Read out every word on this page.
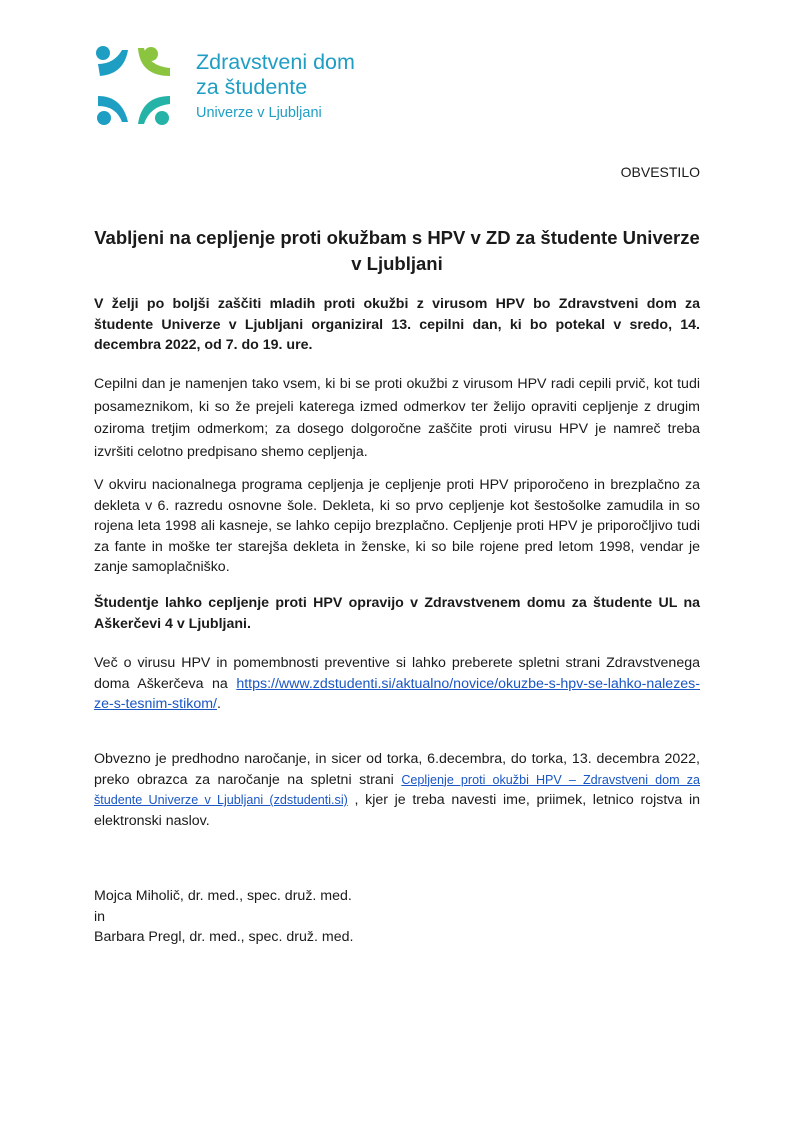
Zdravstveni dom
za študente
Univerze v Ljubljani
OBVESTILO
Vabljeni na cepljenje proti okužbam s HPV v ZD za študente Univerze v Ljubljani

V želji po boljši zaščiti mladih proti okužbi z virusom HPV bo Zdravstveni dom za študente Univerze v Ljubljani organiziral 13. cepilni dan, ki bo potekal v sredo, 14. decembra 2022, od 7. do 19. ure.

Cepilni dan je namenjen tako vsem, ki bi se proti okužbi z virusom HPV radi cepili prvič, kot tudi posameznikom, ki so že prejeli katerega izmed odmerkov ter želijo opraviti cepljenje z drugim oziroma tretjim odmerkom; za dosego dolgoročne zaščite proti virusu HPV je namreč treba izvršiti celotno predpisano shemo cepljenja.

V okviru nacionalnega programa cepljenja je cepljenje proti HPV priporočeno in brezplačno za dekleta v 6. razredu osnovne šole. Dekleta, ki so prvo cepljenje kot šestošolke zamudila in so rojena leta 1998 ali kasneje, se lahko cepijo brezplačno. Cepljenje proti HPV je priporočljivo tudi za fante in moške ter starejša dekleta in ženske, ki so bile rojene pred letom 1998, vendar je zanje samoplačniško.

Študentje lahko cepljenje proti HPV opravijo v Zdravstvenem domu za študente UL na Aškerčevi 4 v Ljubljani.

Več o virusu HPV in pomembnosti preventive si lahko preberete spletni strani Zdravstvenega doma Aškerčeva na https://www.zdstudenti.si/aktualno/novice/okuzbe-s-hpv-se-lahko-nalezes-ze-s-tesnim-stikom/.

Obvezno je predhodno naročanje, in sicer od torka, 6.decembra, do torka, 13. decembra 2022, preko obrazca za naročanje na spletni strani Cepljenje proti okužbi HPV – Zdravstveni dom za študente Univerze v Ljubljani (zdstudenti.si) , kjer je treba navesti ime, priimek, letnico rojstva in elektronski naslov.

Mojca Miholič, dr. med., spec. druž. med.
in
Barbara Pregl, dr. med., spec. druž. med.
